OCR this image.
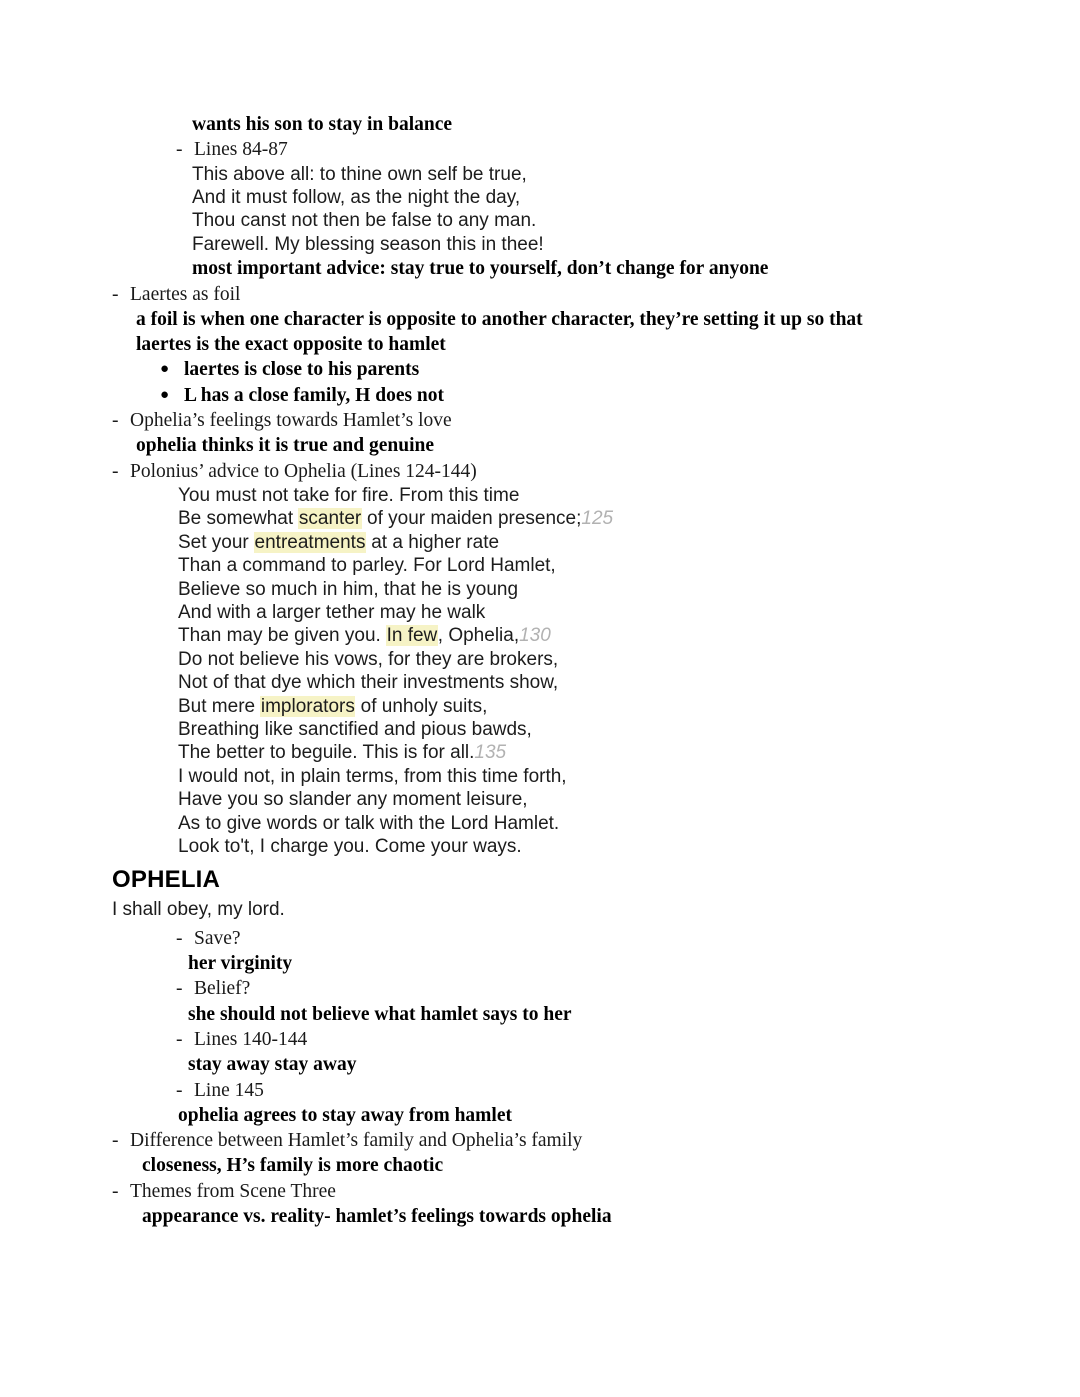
wants his son to stay in balance
- Lines 84-87
This above all: to thine own self be true,
And it must follow, as the night the day,
Thou canst not then be false to any man.
Farewell. My blessing season this in thee!
most important advice: stay true to yourself, don’t change for anyone
- Laertes as foil
a foil is when one character is opposite to another character, they’re setting it up so that
laertes is the exact opposite to hamlet
● laertes is close to his parents
● L has a close family, H does not
- Ophelia’s feelings towards Hamlet’s love
ophelia thinks it is true and genuine
- Polonius’ advice to Ophelia (Lines 124-144)
You must not take for fire. From this time
Be somewhat scanter of your maiden presence;125
Set your entreatments at a higher rate
Than a command to parley. For Lord Hamlet,
Believe so much in him, that he is young
And with a larger tether may he walk
Than may be given you. In few, Ophelia,130
Do not believe his vows, for they are brokers,
Not of that dye which their investments show,
But mere implorators of unholy suits,
Breathing like sanctified and pious bawds,
The better to beguile. This is for all.135
I would not, in plain terms, from this time forth,
Have you so slander any moment leisure,
As to give words or talk with the Lord Hamlet.
Look to't, I charge you. Come your ways.
OPHELIA
I shall obey, my lord.
- Save?
her virginity
- Belief?
she should not believe what hamlet says to her
- Lines 140-144
stay away stay away
- Line 145
ophelia agrees to stay away from hamlet
- Difference between Hamlet’s family and Ophelia’s family
closeness, H’s family is more chaotic
- Themes from Scene Three
appearance vs. reality- hamlet’s feelings towards ophelia
